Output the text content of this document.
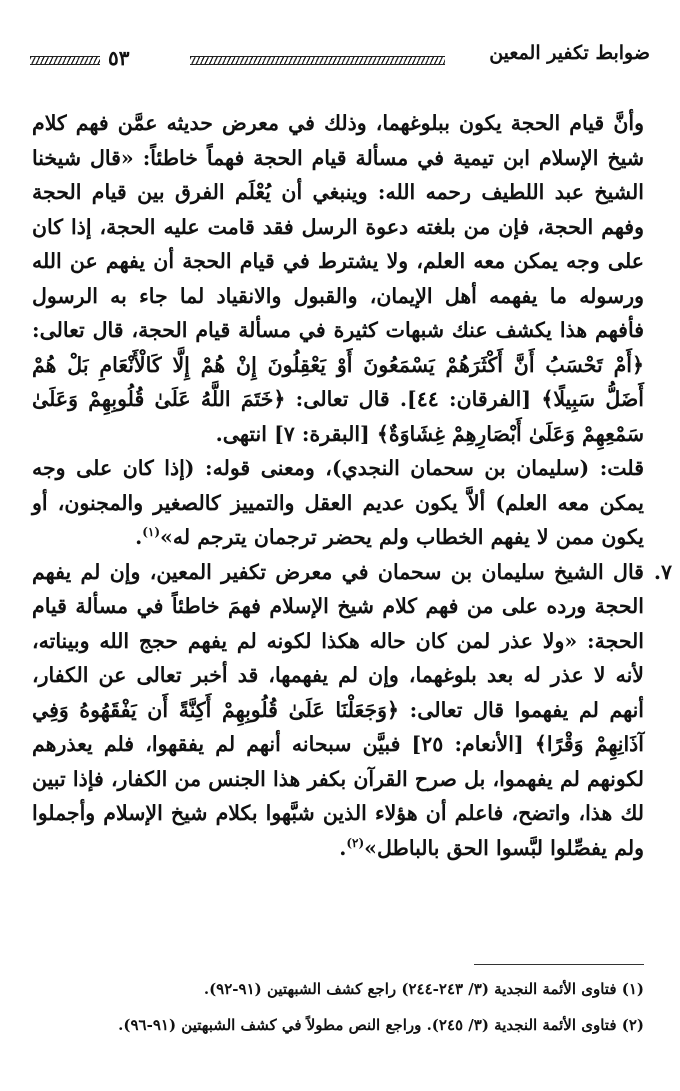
ضوابط تكفير المعين
٥٣

وأنَّ قيام الحجة يكون ببلوغهما، وذلك في معرض حديثه عمَّن فهم كلام شيخ الإسلام ابن تيمية في مسألة قيام الحجة فهماً خاطئاً: «قال شيخنا الشيخ عبد اللطيف رحمه الله: وينبغي أن يُعْلَم الفرق بين قيام الحجة وفهم الحجة، فإن من بلغته دعوة الرسل فقد قامت عليه الحجة، إذا كان على وجه يمكن معه العلم، ولا يشترط في قيام الحجة أن يفهم عن الله ورسوله ما يفهمه أهل الإيمان، والقبول والانقياد لما جاء به الرسول فأفهم هذا يكشف عنك شبهات كثيرة في مسألة قيام الحجة، قال تعالى: ﴿أَمْ تَحْسَبُ أَنَّ أَكْثَرَهُمْ يَسْمَعُونَ أَوْ يَعْقِلُونَ إِنْ هُمْ إِلَّا كَالْأَنْعَامِ بَلْ هُمْ أَضَلُّ سَبِيلًا﴾ [الفرقان: ٤٤]. قال تعالى: ﴿خَتَمَ اللَّهُ عَلَىٰ قُلُوبِهِمْ وَعَلَىٰ سَمْعِهِمْ وَعَلَىٰ أَبْصَارِهِمْ غِشَاوَةٌ﴾ [البقرة: ٧] انتهى.

قلت: (سليمان بن سحمان النجدي)، ومعنى قوله: (إذا كان على وجه يمكن معه العلم) ألاَّ يكون عديم العقل والتمييز كالصغير والمجنون، أو يكون ممن لا يفهم الخطاب ولم يحضر ترجمان يترجم له»$^{(١)}$.

٧.
قال الشيخ سليمان بن سحمان في معرض تكفير المعين، وإن لم يفهم الحجة ورده على من فهم كلام شيخ الإسلام فهمَ خاطئاً في مسألة قيام الحجة: «ولا عذر لمن كان حاله هكذا لكونه لم يفهم حجج الله وبيناته، لأنه لا عذر له بعد بلوغهما، وإن لم يفهمها، قد أخبر تعالى عن الكفار، أنهم لم يفهموا قال تعالى: ﴿وَجَعَلْنَا عَلَىٰ قُلُوبِهِمْ أَكِنَّةً أَن يَفْقَهُوهُ وَفِي آذَانِهِمْ وَقْرًا﴾ [الأنعام: ٢٥] فبيَّن سبحانه أنهم لم يفقهوا، فلم يعذرهم لكونهم لم يفهموا، بل صرح القرآن بكفر هذا الجنس من الكفار، فإذا تبين لك هذا، واتضح، فاعلم أن هؤلاء الذين شبَّهوا بكلام شيخ الإسلام وأجملوا ولم يفصِّلوا لبَّسوا الحق بالباطل»$^{(٢)}$.

(١) فتاوى الأئمة النجدية (٣/ ٢٤٣-٢٤٤) راجع كشف الشبهتين (٩١-٩٢).

(٢) فتاوى الأئمة النجدية (٣/ ٢٤٥). وراجع النص مطولاً في كشف الشبهتين (٩١-٩٦).
